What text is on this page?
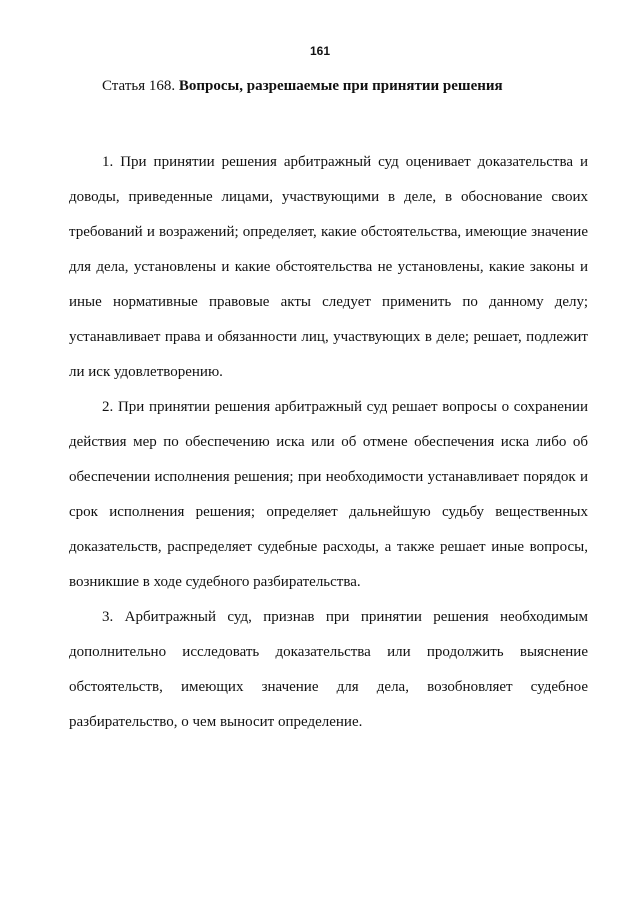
161
Статья 168. Вопросы, разрешаемые при принятии решения

1. При принятии решения арбитражный суд оценивает доказательства и доводы, приведенные лицами, участвующими в деле, в обоснование своих требований и возражений; определяет, какие обстоятельства, имеющие значение для дела, установлены и какие обстоятельства не установлены, какие законы и иные нормативные правовые акты следует применить по данному делу; устанавливает права и обязанности лиц, участвующих в деле; решает, подлежит ли иск удовлетворению.

2. При принятии решения арбитражный суд решает вопросы о сохранении действия мер по обеспечению иска или об отмене обеспечения иска либо об обеспечении исполнения решения; при необходимости устанавливает порядок и срок исполнения решения; определяет дальнейшую судьбу вещественных доказательств, распределяет судебные расходы, а также решает иные вопросы, возникшие в ходе судебного разбирательства.

3. Арбитражный суд, признав при принятии решения необходимым дополнительно исследовать доказательства или продолжить выяснение обстоятельств, имеющих значение для дела, возобновляет судебное разбирательство, о чем выносит определение.
